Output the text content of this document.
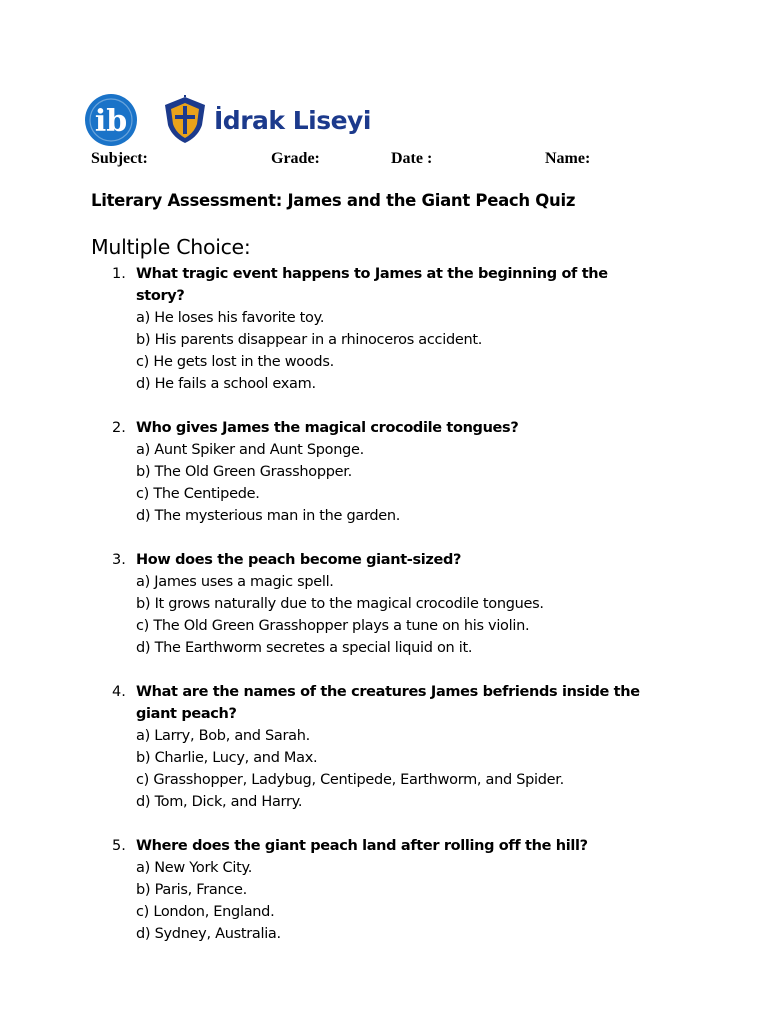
ib	İdrak Liseyi
Subject:	Grade:	Date :	Name:
Literary Assessment: James and the Giant Peach Quiz
Multiple Choice:
1. What tragic event happens to James at the beginning of the story?
a) He loses his favorite toy.
b) His parents disappear in a rhinoceros accident.
c) He gets lost in the woods.
d) He fails a school exam.
2. Who gives James the magical crocodile tongues?
a) Aunt Spiker and Aunt Sponge.
b) The Old Green Grasshopper.
c) The Centipede.
d) The mysterious man in the garden.
3. How does the peach become giant-sized?
a) James uses a magic spell.
b) It grows naturally due to the magical crocodile tongues.
c) The Old Green Grasshopper plays a tune on his violin.
d) The Earthworm secretes a special liquid on it.
4. What are the names of the creatures James befriends inside the giant peach?
a) Larry, Bob, and Sarah.
b) Charlie, Lucy, and Max.
c) Grasshopper, Ladybug, Centipede, Earthworm, and Spider.
d) Tom, Dick, and Harry.
5. Where does the giant peach land after rolling off the hill?
a) New York City.
b) Paris, France.
c) London, England.
d) Sydney, Australia.
